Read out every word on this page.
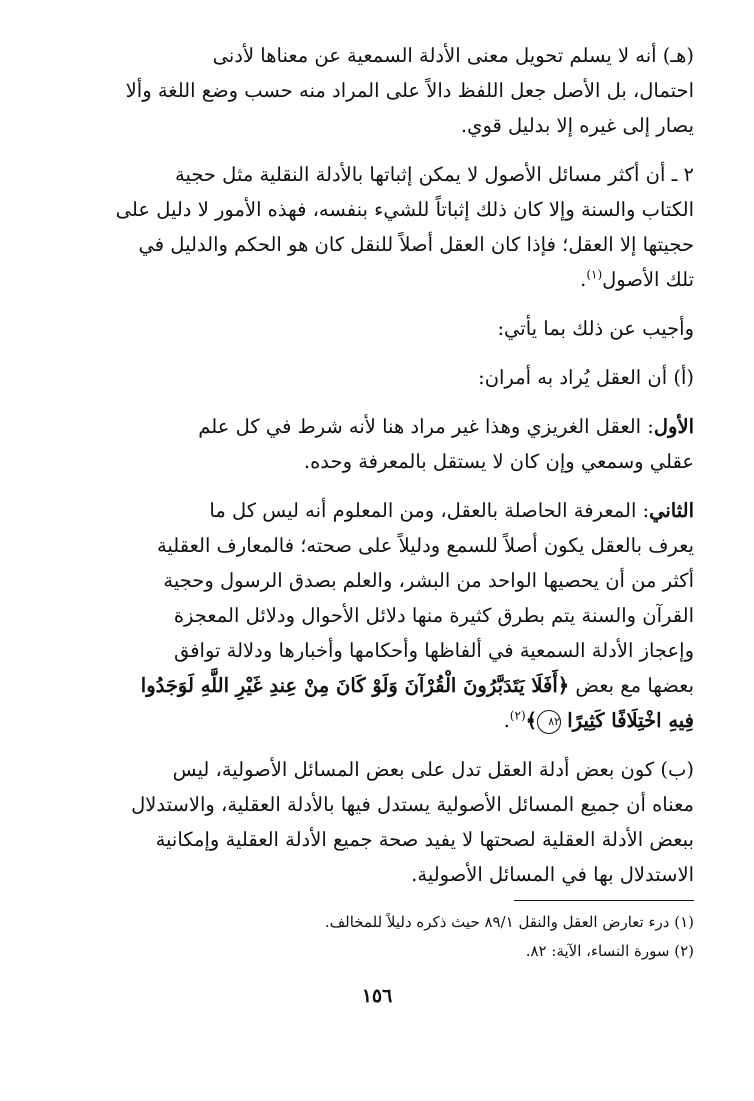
(هـ) أنه لا يسلم تحويل معنى الأدلة السمعية عن معناها لأدنى
احتمال، بل الأصل جعل اللفظ دالاً على المراد منه حسب وضع اللغة وألا
يصار إلى غيره إلا بدليل قوي.

٢ ـ أن أكثر مسائل الأصول لا يمكن إثباتها بالأدلة النقلية مثل حجية
الكتاب والسنة وإلا كان ذلك إثباتاً للشيء بنفسه، فهذه الأمور لا دليل على
حجيتها إلا العقل؛ فإذا كان العقل أصلاً للنقل كان هو الحكم والدليل في
تلك الأصول$^{(١)}$.

وأجيب عن ذلك بما يأتي:

(أ) أن العقل يُراد به أمران:

الأول: العقل الغريزي وهذا غير مراد هنا لأنه شرط في كل علم
عقلي وسمعي وإن كان لا يستقل بالمعرفة وحده.

الثاني: المعرفة الحاصلة بالعقل، ومن المعلوم أنه ليس كل ما
يعرف بالعقل يكون أصلاً للسمع ودليلاً على صحته؛ فالمعارف العقلية
أكثر من أن يحصيها الواحد من البشر، والعلم بصدق الرسول وحجية
القرآن والسنة يتم بطرق كثيرة منها دلائل الأحوال ودلائل المعجزة
وإعجاز الأدلة السمعية في ألفاظها وأحكامها وأخبارها ودلالة توافق
بعضها مع بعض ﴿أَفَلَا يَتَدَبَّرُونَ الْقُرْآنَ وَلَوْ كَانَ مِنْ عِندِ غَيْرِ اللَّهِ لَوَجَدُوا
فِيهِ اخْتِلَافًا كَثِيرًا ٨٢﴾$^{(٢)}$.

(ب) كون بعض أدلة العقل تدل على بعض المسائل الأصولية، ليس
معناه أن جميع المسائل الأصولية يستدل فيها بالأدلة العقلية، والاستدلال
ببعض الأدلة العقلية لصحتها لا يفيد صحة جميع الأدلة العقلية وإمكانية
الاستدلال بها في المسائل الأصولية.

(١) درء تعارض العقل والنقل ٨٩/١ حيث ذكره دليلاً للمخالف.
(٢) سورة النساء، الآية: ٨٢.
١٥٦
